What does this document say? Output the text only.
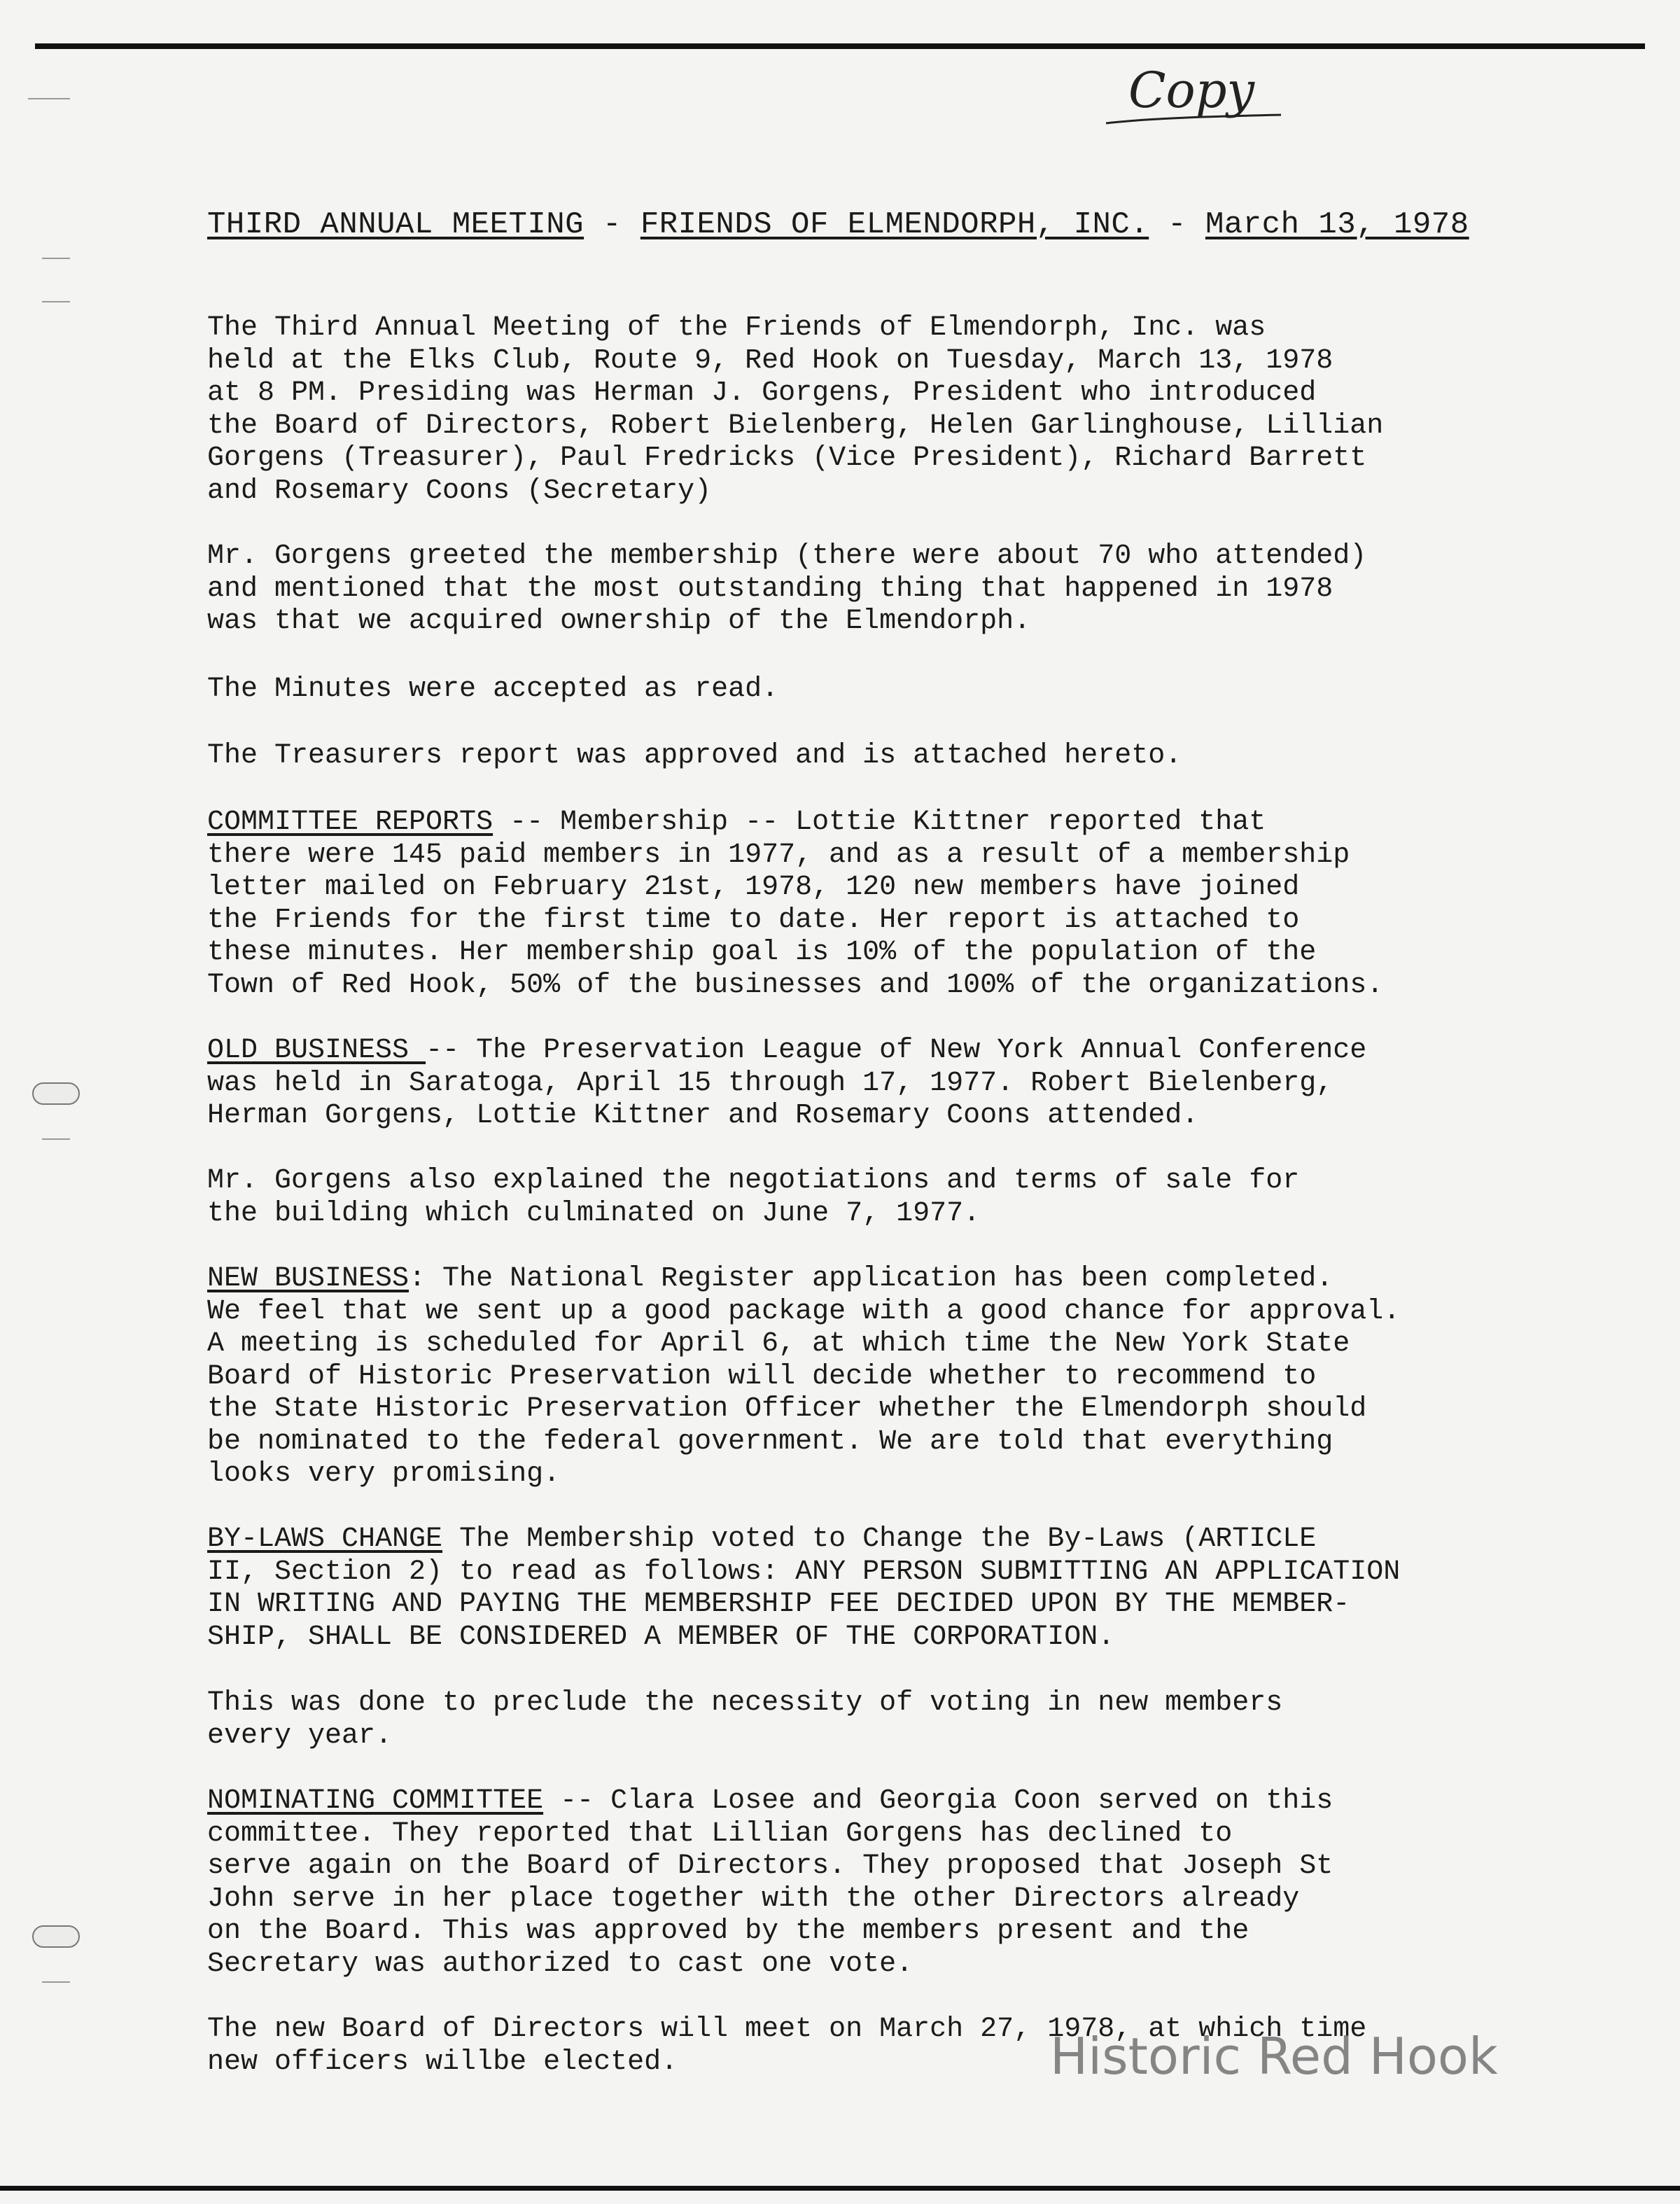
Copy
THIRD ANNUAL MEETING - FRIENDS OF ELMENDORPH, INC. - March 13, 1978
The Third Annual Meeting of the Friends of Elmendorph, Inc. was
held at the Elks Club, Route 9, Red Hook on Tuesday, March 13, 1978
at 8 PM. Presiding was Herman J. Gorgens, President who introduced
the Board of Directors, Robert Bielenberg, Helen Garlinghouse, Lillian
Gorgens (Treasurer), Paul Fredricks (Vice President), Richard Barrett
and Rosemary Coons (Secretary)
Mr. Gorgens greeted the membership (there were about 70 who attended)
and mentioned that the most outstanding thing that happened in 1978
was that we acquired ownership of the Elmendorph.
The Minutes were accepted as read.
The Treasurers report was approved and is attached hereto.
COMMITTEE REPORTS -- Membership -- Lottie Kittner reported that
there were 145 paid members in 1977, and as a result of a membership
letter mailed on February 21st, 1978, 120 new members have joined
the Friends for the first time to date. Her report is attached to
these minutes. Her membership goal is 10% of the population of the
Town of Red Hook, 50% of the businesses and 100% of the organizations.
OLD BUSINESS -- The Preservation League of New York Annual Conference
was held in Saratoga, April 15 through 17, 1977. Robert Bielenberg,
Herman Gorgens, Lottie Kittner and Rosemary Coons attended.
Mr. Gorgens also explained the negotiations and terms of sale for
the building which culminated on June 7, 1977.
NEW BUSINESS: The National Register application has been completed.
We feel that we sent up a good package with a good chance for approval.
A meeting is scheduled for April 6, at which time the New York State
Board of Historic Preservation will decide whether to recommend to
the State Historic Preservation Officer whether the Elmendorph should
be nominated to the federal government. We are told that everything
looks very promising.
BY-LAWS CHANGE The Membership voted to Change the By-Laws (ARTICLE
II, Section 2) to read as follows: ANY PERSON SUBMITTING AN APPLICATION
IN WRITING AND PAYING THE MEMBERSHIP FEE DECIDED UPON BY THE MEMBER-
SHIP, SHALL BE CONSIDERED A MEMBER OF THE CORPORATION.
This was done to preclude the necessity of voting in new members
every year.
NOMINATING COMMITTEE -- Clara Losee and Georgia Coon served on this
committee. They reported that Lillian Gorgens has declined to
serve again on the Board of Directors. They proposed that Joseph St
John serve in her place together with the other Directors already
on the Board. This was approved by the members present and the
Secretary was authorized to cast one vote.
The new Board of Directors will meet on March 27, 1978, at which time
new officers willbe elected.	Historic Red Hook
